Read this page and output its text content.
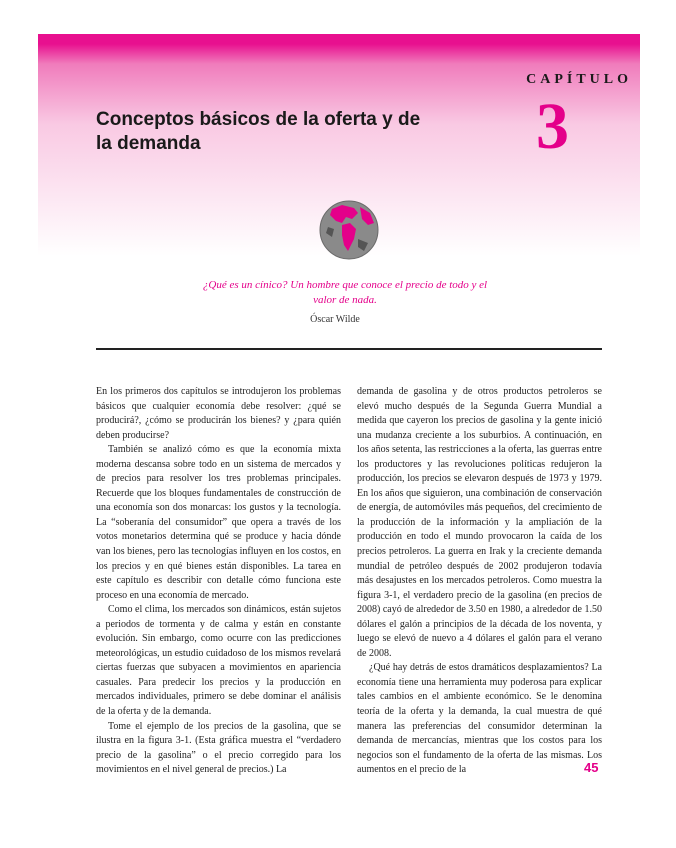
CAPÍTULO
3
Conceptos básicos de la oferta y de la demanda
¿Qué es un cínico? Un hombre que conoce el precio de todo y el valor de nada.
Óscar Wilde

En los primeros dos capítulos se introdujeron los problemas básicos que cualquier economía debe resolver: ¿qué se producirá?, ¿cómo se producirán los bienes? y ¿para quién deben producirse?

También se analizó cómo es que la economía mixta moderna descansa sobre todo en un sistema de mercados y de precios para resolver los tres problemas principales. Recuerde que los bloques fundamentales de construcción de una economía son dos monarcas: los gustos y la tecnología. La “soberanía del consumidor” que opera a través de los votos monetarios determina qué se produce y hacia dónde van los bienes, pero las tecnologías influyen en los costos, en los precios y en qué bienes están disponibles. La tarea en este capítulo es describir con detalle cómo funciona este proceso en una economía de mercado.

Como el clima, los mercados son dinámicos, están sujetos a periodos de tormenta y de calma y están en constante evolución. Sin embargo, como ocurre con las predicciones meteorológicas, un estudio cuidadoso de los mismos revelará ciertas fuerzas que subyacen a movimientos en apariencia casuales. Para predecir los precios y la producción en mercados individuales, primero se debe dominar el análisis de la oferta y de la demanda.

Tome el ejemplo de los precios de la gasolina, que se ilustra en la figura 3-1. (Esta gráfica muestra el “verdadero precio de la gasolina” o el precio corregido para los movimientos en el nivel general de precios.) La

demanda de gasolina y de otros productos petroleros se elevó mucho después de la Segunda Guerra Mundial a medida que cayeron los precios de gasolina y la gente inició una mudanza creciente a los suburbios. A continuación, en los años setenta, las restricciones a la oferta, las guerras entre los productores y las revoluciones políticas redujeron la producción, los precios se elevaron después de 1973 y 1979. En los años que siguieron, una combinación de conservación de energía, de automóviles más pequeños, del crecimiento de la producción de la información y la ampliación de la producción en todo el mundo provocaron la caída de los precios petroleros. La guerra en Irak y la creciente demanda mundial de petróleo después de 2002 produjeron todavía más desajustes en los mercados petroleros. Como muestra la figura 3-1, el verdadero precio de la gasolina (en precios de 2008) cayó de alrededor de 3.50 en 1980, a alrededor de 1.50 dólares el galón a principios de la década de los noventa, y luego se elevó de nuevo a 4 dólares el galón para el verano de 2008.

¿Qué hay detrás de estos dramáticos desplazamientos? La economía tiene una herramienta muy poderosa para explicar tales cambios en el ambiente económico. Se le denomina teoría de la oferta y la demanda, la cual muestra de qué manera las preferencias del consumidor determinan la demanda de mercancías, mientras que los costos para los negocios son el fundamento de la oferta de las mismas. Los aumentos en el precio de la	45
